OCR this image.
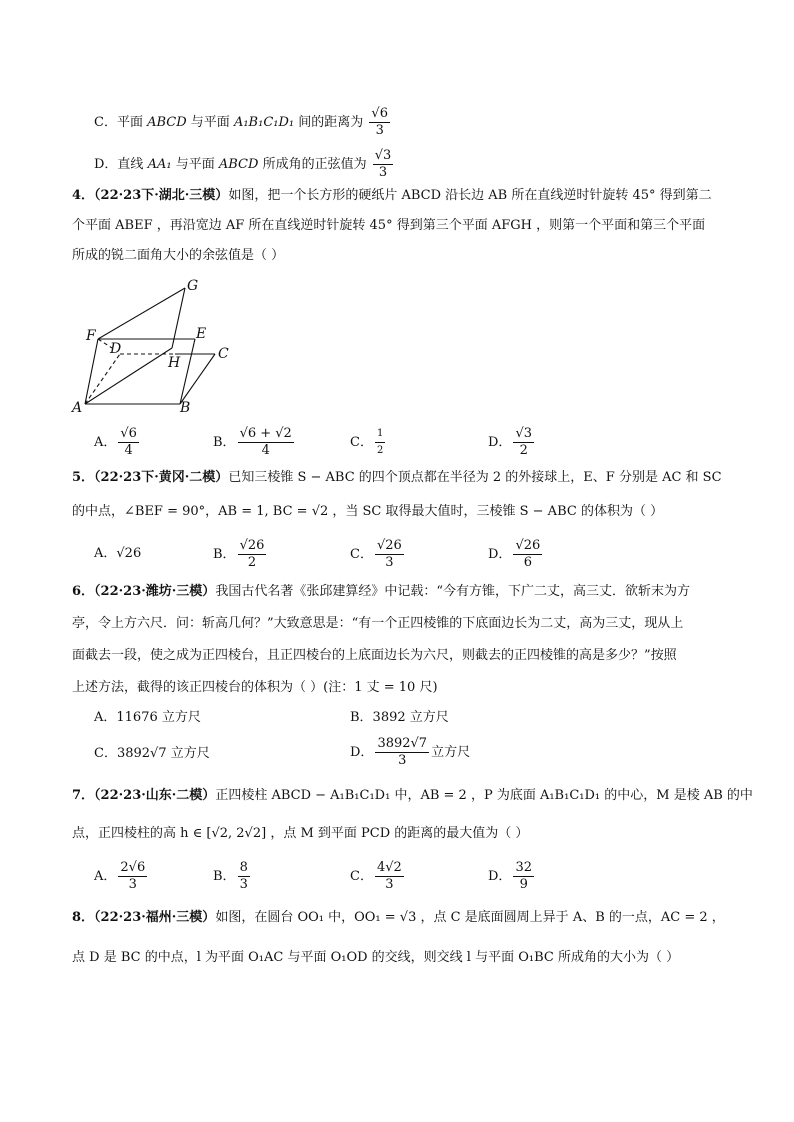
C．平面 ABCD 与平面 A₁B₁C₁D₁ 间的距离为 $\frac{√6}{3}$
D．直线 AA₁ 与平面 ABCD 所成角的正弦值为 $\frac{√3}{3}$
4．（22·23下·湖北·三模）如图，把一个长方形的硬纸片 ABCD 沿长边 AB 所在直线逆时针旋转 45° 得到第二
个平面 ABEF ，再沿宽边 AF 所在直线逆时针旋转 45° 得到第三个平面 AFGH ，则第一个平面和第三个平面
所成的锐二面角大小的余弦值是（ ）
G
F	E
D	C
H
A	B
A． $\frac{√6}{4}$	B． $\frac{√6 + √2}{4}$	C． $\frac{1}{2}$	D． $\frac{√3}{2}$
5．（22·23下·黄冈·二模）已知三棱锥 S − ABC 的四个顶点都在半径为 2 的外接球上，E、F 分别是 AC 和 SC
的中点，∠BEF = 90°，AB = 1, BC = √2 ，当 SC 取得最大值时，三棱锥 S − ABC 的体积为（ ）
A．√26	B． $\frac{√26}{2}$	C． $\frac{√26}{3}$	D． $\frac{√26}{6}$
6．（22·23·潍坊·三模）我国古代名著《张邱建算经》中记载：“今有方锥，下广二丈，高三丈．欲斩末为方
亭，令上方六尺．问：斩高几何？”大致意思是：“有一个正四棱锥的下底面边长为二丈，高为三丈，现从上
面截去一段，使之成为正四棱台，且正四棱台的上底面边长为六尺，则截去的正四棱锥的高是多少？”按照
上述方法，截得的该正四棱台的体积为（ ）(注：1 丈 = 10 尺)
A．11676 立方尺	B．3892 立方尺
C．3892√7 立方尺	D． $\frac{3892√7}{3}$ 立方尺
7．（22·23·山东·二模）正四棱柱 ABCD − A₁B₁C₁D₁ 中，AB = 2 ，P 为底面 A₁B₁C₁D₁ 的中心，M 是棱 AB 的中
点，正四棱柱的高 h ∈ [√2, 2√2] ，点 M 到平面 PCD 的距离的最大值为（ ）
A． $\frac{2√6}{3}$	B． $\frac{8}{3}$	C． $\frac{4√2}{3}$	D． $\frac{32}{9}$
8．（22·23·福州·三模）如图，在圆台 OO₁ 中，OO₁ = √3 ，点 C 是底面圆周上异于 A、B 的一点，AC = 2 ，
点 D 是 BC 的中点，l 为平面 O₁AC 与平面 O₁OD 的交线，则交线 l 与平面 O₁BC 所成角的大小为（ ）
